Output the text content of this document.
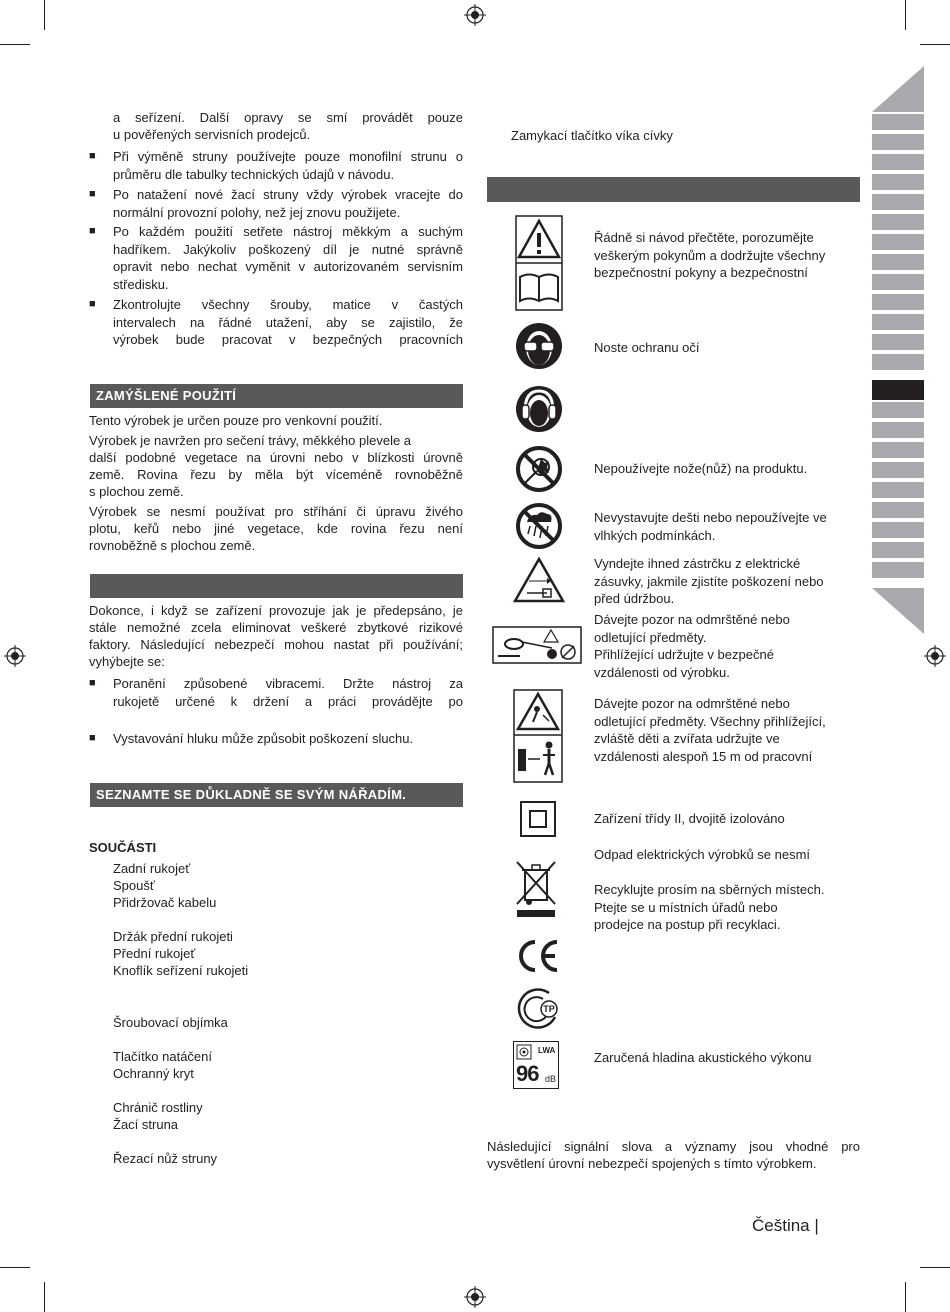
a seřízení. Další opravy se smí provádět pouze
u pověřených servisních prodejců.
■ Při výměně struny používejte pouze monofilní strunu o
průměru dle tabulky technických údajů v návodu.
■ Po natažení nové žací struny vždy výrobek vracejte do
normální provozní polohy, než jej znovu použijete.
■ Po každém použití setřete nástroj měkkým a suchým
hadříkem. Jakýkoliv poškozený díl je nutné správně
opravit nebo nechat vyměnit v autorizovaném servisním
středisku.
■ Zkontrolujte všechny šrouby, matice v častých
intervalech na řádné utažení, aby se zajistilo, že
výrobek bude pracovat v bezpečných pracovních
ZAMÝŠLENÉ POUŽITÍ
Tento výrobek je určen pouze pro venkovní použití.
Výrobek je navržen pro sečení trávy, měkkého plevele a
další podobné vegetace na úrovni nebo v blízkosti úrovně
země. Rovina řezu by měla být víceméně rovnoběžně
s plochou země.
Výrobek se nesmí používat pro stříhání či úpravu živého
plotu, keřů nebo jiné vegetace, kde rovina řezu není
rovnoběžně s plochou země.
Dokonce, i když se zařízení provozuje jak je předepsáno, je
stále nemožné zcela eliminovat veškeré zbytkové rizikové
faktory. Následující nebezpečí mohou nastat při používání;
vyhýbejte se:
■ Poranění způsobené vibracemi. Držte nástroj za
rukojetě určené k držení a práci provádějte po
■ Vystavování hluku může způsobit poškození sluchu.
SEZNAMTE SE DŮKLADNĚ SE SVÝM NÁŘADÍM.
SOUČÁSTI
Zadní rukojeť
Spoušť
Přidržovač kabelu
Držák přední rukojeti
Přední rukojeť
Knoflík seřízení rukojeti
Šroubovací objímka
Tlačítko natáčení
Ochranný kryt
Chránič rostliny
Žací struna
Řezací nůž struny
Zamykací tlačítko víka cívky
Řádně si návod přečtěte, porozumějte
veškerým pokynům a dodržujte všechny
bezpečnostní pokyny a bezpečnostní
Noste ochranu očí
Nepoužívejte nože(nůž) na produktu.
Nevystavujte dešti nebo nepoužívejte ve
vlhkých podmínkách.
Vyndejte ihned zástrčku z elektrické
zásuvky, jakmile zjistíte poškození nebo
před údržbou.
Dávejte pozor na odmrštěné nebo
odletující předměty.
Přihlížející udržujte v bezpečné
vzdálenosti od výrobku.
Dávejte pozor na odmrštěné nebo
odletující předměty. Všechny přihlížející,
zvláště děti a zvířata udržujte ve
vzdálenosti alespoň 15 m od pracovní
Zařízení třídy II, dvojitě izolováno
Odpad elektrických výrobků se nesmí
Recyklujte prosím na sběrných místech.
Ptejte se u místních úřadů nebo
prodejce na postup při recyklaci.
TP
LWA
96 dB
Zaručená hladina akustického výkonu
Následující signální slova a významy jsou vhodné pro
vysvětlení úrovní nebezpečí spojených s tímto výrobkem.
Čeština |
